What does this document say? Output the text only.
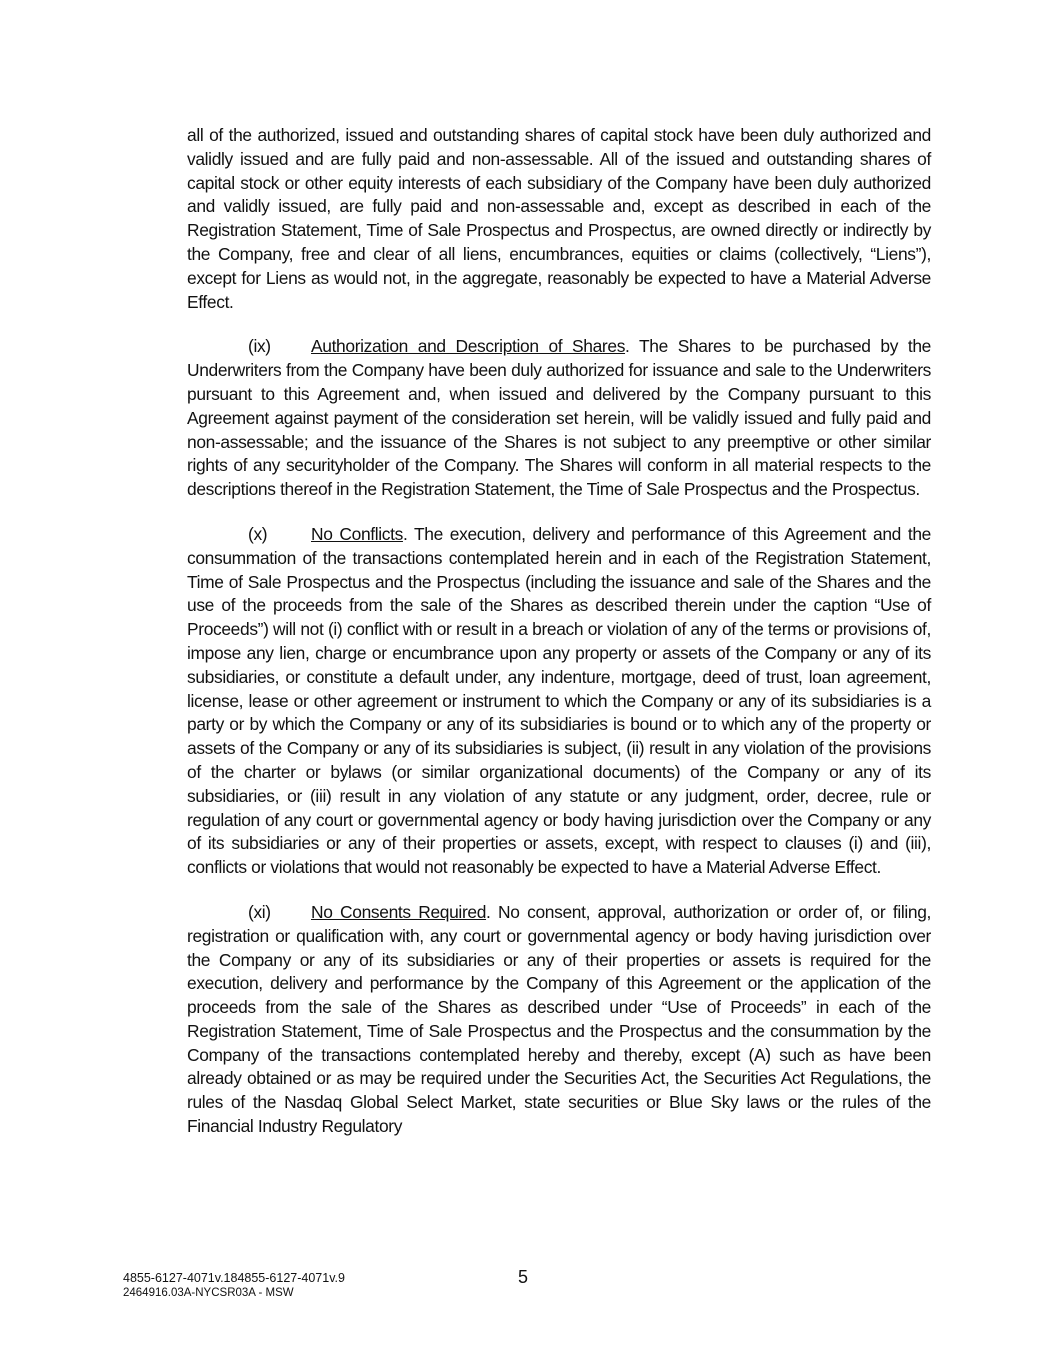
all of the authorized, issued and outstanding shares of capital stock have been duly authorized and validly issued and are fully paid and non-assessable. All of the issued and outstanding shares of capital stock or other equity interests of each subsidiary of the Company have been duly authorized and validly issued, are fully paid and non-assessable and, except as described in each of the Registration Statement, Time of Sale Prospectus and Prospectus, are owned directly or indirectly by the Company, free and clear of all liens, encumbrances, equities or claims (collectively, “Liens”), except for Liens as would not, in the aggregate, reasonably be expected to have a Material Adverse Effect.

(ix) Authorization and Description of Shares. The Shares to be purchased by the Underwriters from the Company have been duly authorized for issuance and sale to the Underwriters pursuant to this Agreement and, when issued and delivered by the Company pursuant to this Agreement against payment of the consideration set herein, will be validly issued and fully paid and non-assessable; and the issuance of the Shares is not subject to any preemptive or other similar rights of any securityholder of the Company. The Shares will conform in all material respects to the descriptions thereof in the Registration Statement, the Time of Sale Prospectus and the Prospectus.

(x)	No Conflicts. The execution, delivery and performance of this Agreement and the consummation of the transactions contemplated herein and in each of the Registration Statement, Time of Sale Prospectus and the Prospectus (including the issuance and sale of the Shares and the use of the proceeds from the sale of the Shares as described therein under the caption “Use of Proceeds”) will not (i) conflict with or result in a breach or violation of any of the terms or provisions of, impose any lien, charge or encumbrance upon any property or assets of the Company or any of its subsidiaries, or constitute a default under, any indenture, mortgage, deed of trust, loan agreement, license, lease or other agreement or instrument to which the Company or any of its subsidiaries is a party or by which the Company or any of its subsidiaries is bound or to which any of the property or assets of the Company or any of its subsidiaries is subject, (ii) result in any violation of the provisions of the charter or bylaws (or similar organizational documents) of the Company or any of its subsidiaries, or (iii) result in any violation of any statute or any judgment, order, decree, rule or regulation of any court or governmental agency or body having jurisdiction over the Company or any of its subsidiaries or any of their properties or assets, except, with respect to clauses (i) and (iii), conflicts or violations that would not reasonably be expected to have a Material Adverse Effect.

(xi) No Consents Required. No consent, approval, authorization or order of, or filing, registration or qualification with, any court or governmental agency or body having jurisdiction over the Company or any of its subsidiaries or any of their properties or assets is required for the execution, delivery and performance by the Company of this Agreement or the application of the proceeds from the sale of the Shares as described under “Use of Proceeds” in each of the Registration Statement, Time of Sale Prospectus and the Prospectus and the consummation by the Company of the transactions contemplated hereby and thereby, except (A) such as have been already obtained or as may be required under the Securities Act, the Securities Act Regulations, the rules of the Nasdaq Global Select Market, state securities or Blue Sky laws or the rules of the Financial Industry Regulatory

4855-6127-4071v.184855-6127-4071v.9
2464916.03A-NYCSR03A - MSW
5
